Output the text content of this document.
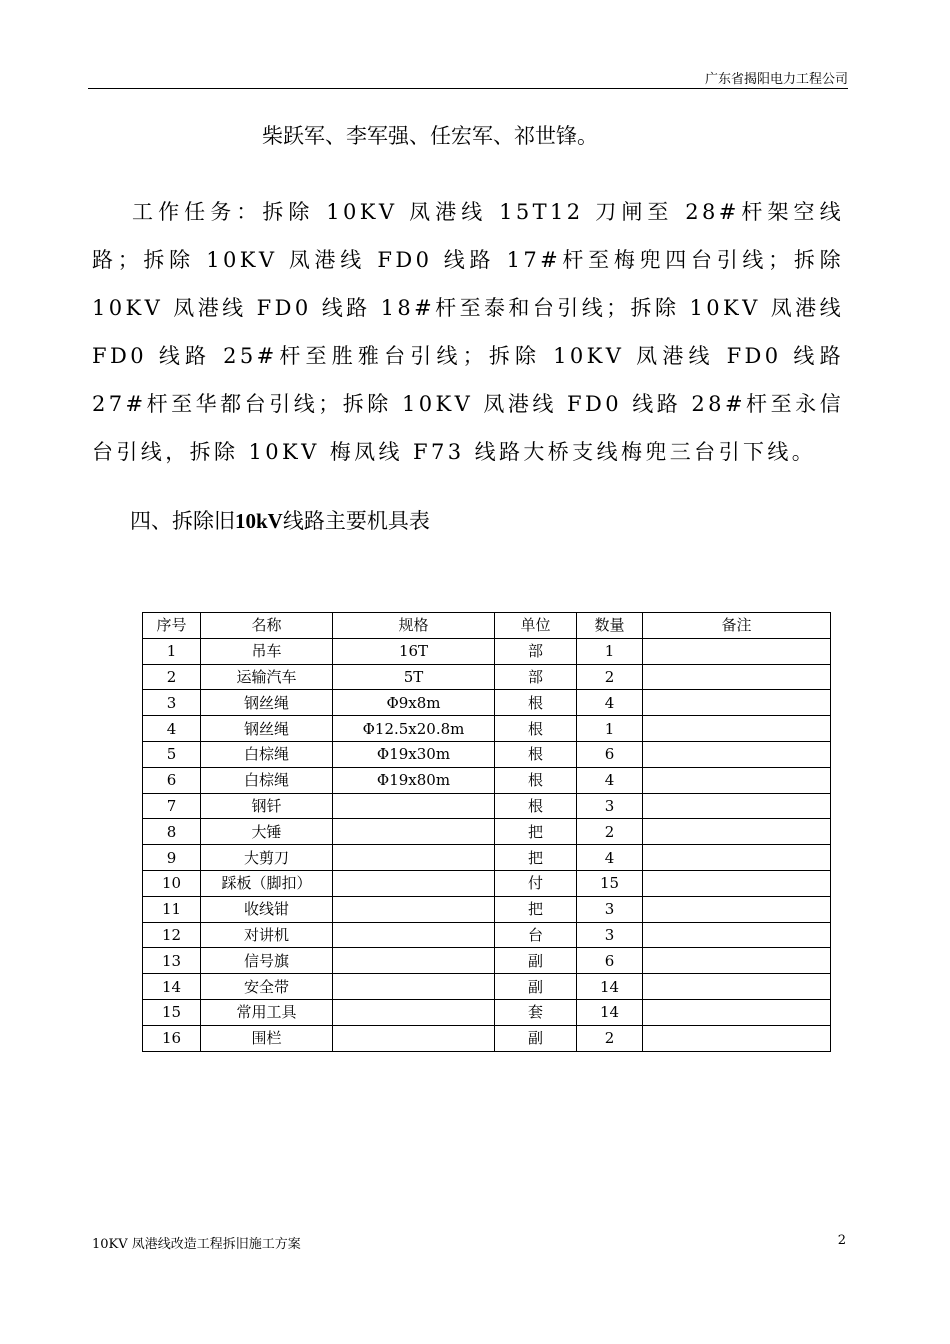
广东省揭阳电力工程公司
柴跃军、李军强、任宏军、祁世锋。
工作任务：拆除 10KV 凤港线 15T12 刀闸至 28#杆架空线路；拆除 10KV 凤港线 FD0 线路 17#杆至梅兜四台引线；拆除 10KV 凤港线 FD0 线路 18#杆至泰和台引线；拆除 10KV 凤港线 FD0 线路 25#杆至胜雅台引线；拆除 10KV 凤港线 FD0 线路 27#杆至华都台引线；拆除 10KV 凤港线 FD0 线路 28#杆至永信台引线，拆除 10KV 梅凤线 F73 线路大桥支线梅兜三台引下线。
四、拆除旧10kV线路主要机具表
序号	名称	规格	单位	数量	备注
1	吊车	16T	部	1	
2	运输汽车	5T	部	2	
3	钢丝绳	Φ9x8m	根	4	
4	钢丝绳	Φ12.5x20.8m	根	1	
5	白棕绳	Φ19x30m	根	6	
6	白棕绳	Φ19x80m	根	4	
7	钢钎		根	3	
8	大锤		把	2	
9	大剪刀		把	4	
10	踩板（脚扣）		付	15	
11	收线钳		把	3	
12	对讲机		台	3	
13	信号旗		副	6	
14	安全带		副	14	
15	常用工具		套	14	
16	围栏		副	2	
10KV 凤港线改造工程拆旧施工方案	2
